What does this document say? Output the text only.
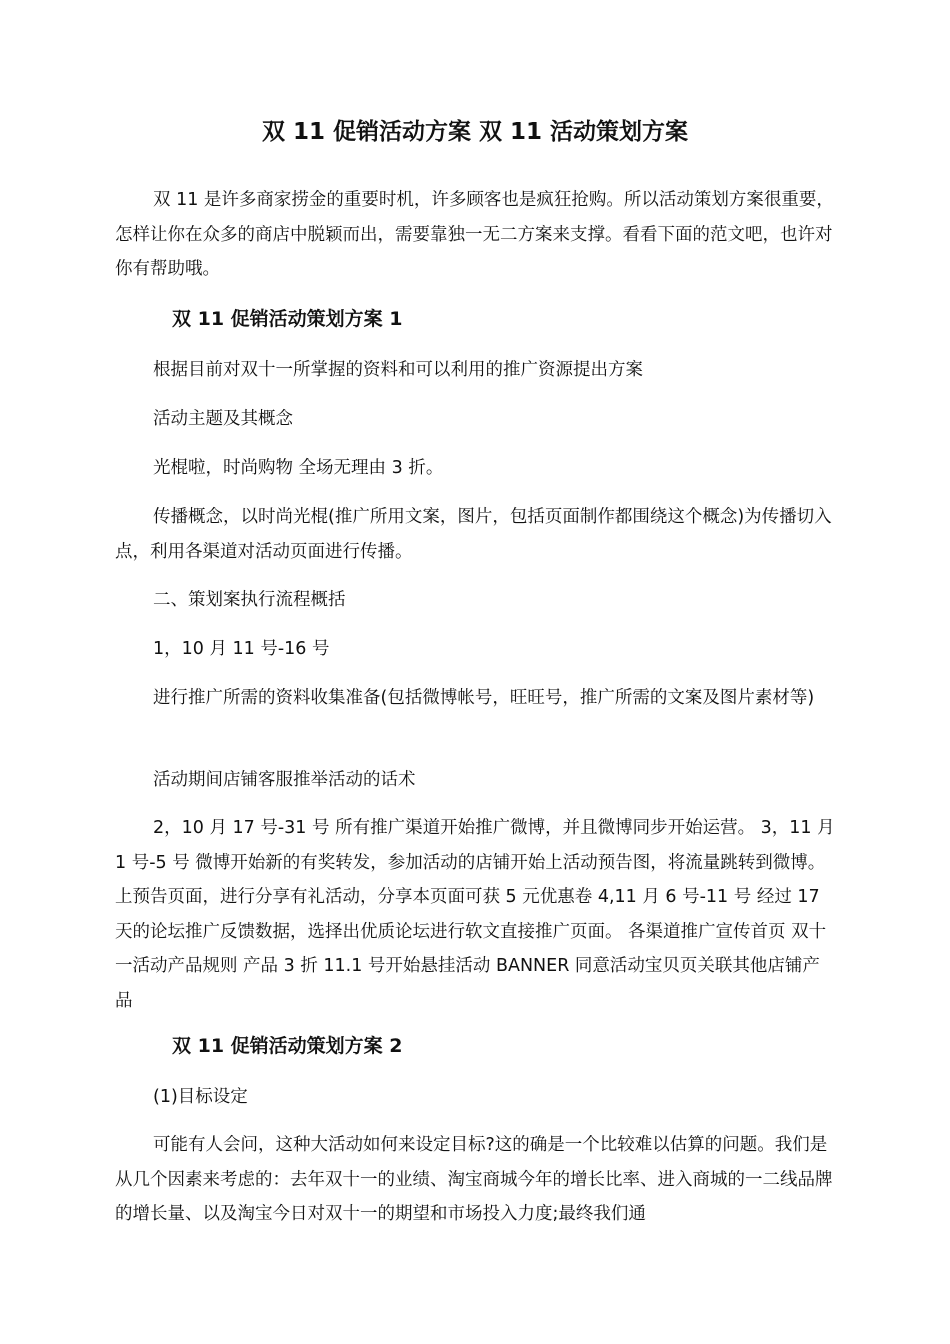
双 11 促销活动方案 双 11 活动策划方案

双 11 是许多商家捞金的重要时机，许多顾客也是疯狂抢购。所以活动策划方案很重要，怎样让你在众多的商店中脱颖而出，需要靠独一无二方案来支撑。看看下面的范文吧，也许对你有帮助哦。

双 11 促销活动策划方案 1

根据目前对双十一所掌握的资料和可以利用的推广资源提出方案

活动主题及其概念

光棍啦，时尚购物 全场无理由 3 折。

传播概念，以时尚光棍(推广所用文案，图片，包括页面制作都围绕这个概念)为传播切入点，利用各渠道对活动页面进行传播。

二、策划案执行流程概括

1，10 月 11 号-16 号

进行推广所需的资料收集准备(包括微博帐号，旺旺号，推广所需的文案及图片素材等)

活动期间店铺客服推举活动的话术

2，10 月 17 号-31 号 所有推广渠道开始推广微博，并且微博同步开始运营。 3，11 月 1 号-5 号 微博开始新的有奖转发，参加活动的店铺开始上活动预告图，将流量跳转到微博。 上预告页面，进行分享有礼活动，分享本页面可获 5 元优惠卷 4,11 月 6 号-11 号 经过 17 天的论坛推广反馈数据，选择出优质论坛进行软文直接推广页面。 各渠道推广宣传首页 双十一活动产品规则 产品 3 折 11.1 号开始悬挂活动 BANNER 同意活动宝贝页关联其他店铺产品

双 11 促销活动策划方案 2

(1)目标设定

可能有人会问，这种大活动如何来设定目标?这的确是一个比较难以估算的问题。我们是从几个因素来考虑的：去年双十一的业绩、淘宝商城今年的增长比率、进入商城的一二线品牌的增长量、以及淘宝今日对双十一的期望和市场投入力度;最终我们通
